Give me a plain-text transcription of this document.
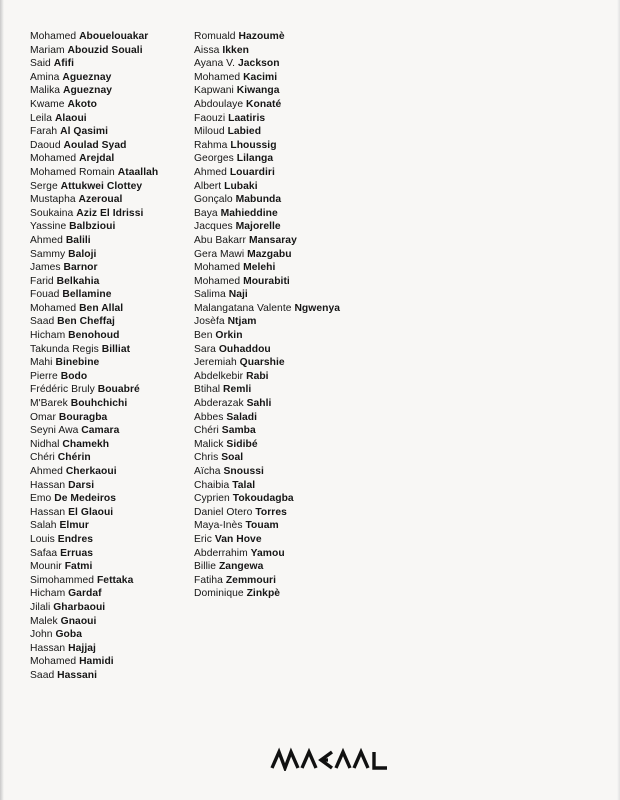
Mohamed Abouelouakar
Mariam Abouzid Souali
Said Afifi
Amina Agueznay
Malika Agueznay
Kwame Akoto
Leila Alaoui
Farah Al Qasimi
Daoud Aoulad Syad
Mohamed Arejdal
Mohamed Romain Ataallah
Serge Attukwei Clottey
Mustapha Azeroual
Soukaina Aziz El Idrissi
Yassine Balbzioui
Ahmed Balili
Sammy Baloji
James Barnor
Farid Belkahia
Fouad Bellamine
Mohamed Ben Allal
Saad Ben Cheffaj
Hicham Benohoud
Takunda Regis Billiat
Mahi Binebine
Pierre Bodo
Frédéric Bruly Bouabré
M'Barek Bouhchichi
Omar Bouragba
Seyni Awa Camara
Nidhal Chamekh
Chéri Chérin
Ahmed Cherkaoui
Hassan Darsi
Emo De Medeiros
Hassan El Glaoui
Salah Elmur
Louis Endres
Safaa Erruas
Mounir Fatmi
Simohammed Fettaka
Hicham Gardaf
Jilali Gharbaoui
Malek Gnaoui
John Goba
Hassan Hajjaj
Mohamed Hamidi
Saad Hassani
Romuald Hazoumè
Aissa Ikken
Ayana V. Jackson
Mohamed Kacimi
Kapwani Kiwanga
Abdoulaye Konaté
Faouzi Laatiris
Miloud Labied
Rahma Lhoussig
Georges Lilanga
Ahmed Louardiri
Albert Lubaki
Gonçalo Mabunda
Baya Mahieddine
Jacques Majorelle
Abu Bakarr Mansaray
Gera Mawi Mazgabu
Mohamed Melehi
Mohamed Mourabiti
Salima Naji
Malangatana Valente Ngwenya
Josèfa Ntjam
Ben Orkin
Sara Ouhaddou
Jeremiah Quarshie
Abdelkebir Rabi
Btihal Remli
Abderazak Sahli
Abbes Saladi
Chéri Samba
Malick Sidibé
Chris Soal
Aïcha Snoussi
Chaibia Talal
Cyprien Tokoudagba
Daniel Otero Torres
Maya-Inès Touam
Eric Van Hove
Abderrahim Yamou
Billie Zangewa
Fatiha Zemmouri
Dominique Zinkpè
